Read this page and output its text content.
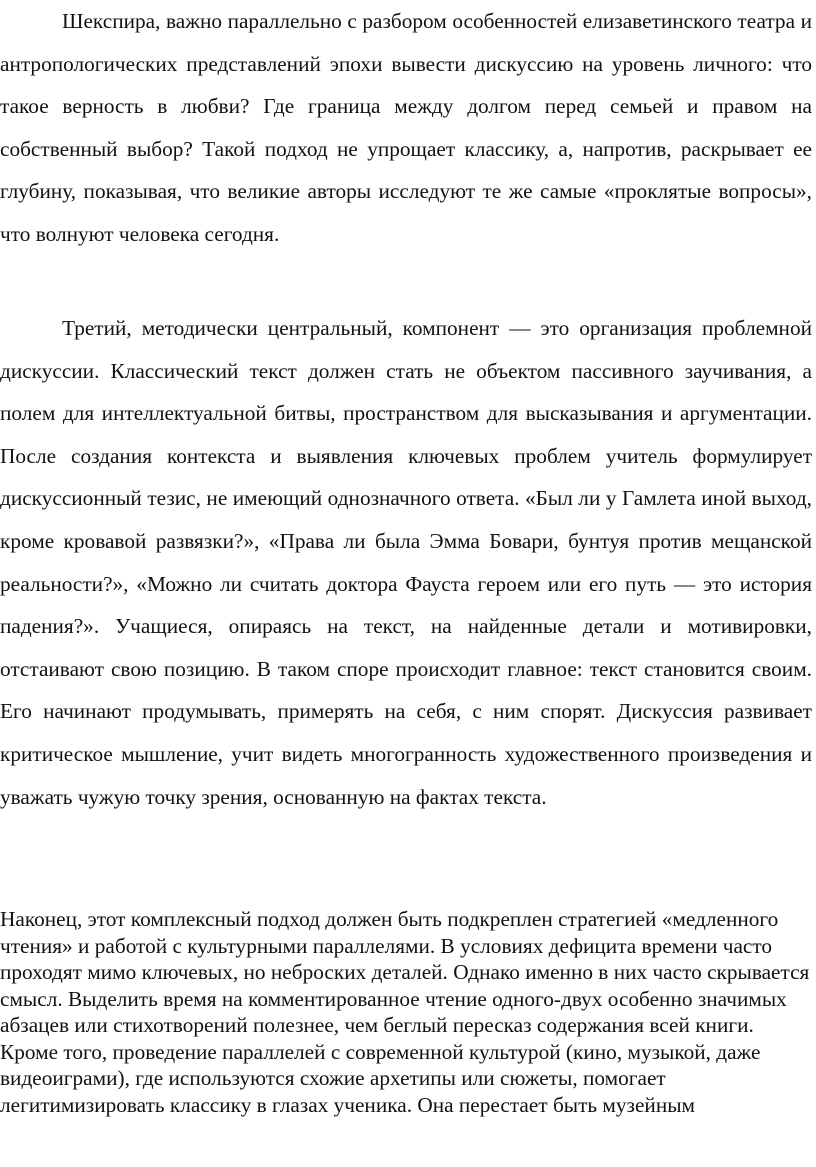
Шекспира, важно параллельно с разбором особенностей елизаветинского театра и антропологических представлений эпохи вывести дискуссию на уровень личного: что такое верность в любви? Где граница между долгом перед семьей и правом на собственный выбор? Такой подход не упрощает классику, а, напротив, раскрывает ее глубину, показывая, что великие авторы исследуют те же самые «проклятые вопросы», что волнуют человека сегодня.

Третий, методически центральный, компонент — это организация проблемной дискуссии. Классический текст должен стать не объектом пассивного заучивания, а полем для интеллектуальной битвы, пространством для высказывания и аргументации. После создания контекста и выявления ключевых проблем учитель формулирует дискуссионный тезис, не имеющий однозначного ответа. «Был ли у Гамлета иной выход, кроме кровавой развязки?», «Права ли была Эмма Бовари, бунтуя против мещанской реальности?», «Можно ли считать доктора Фауста героем или его путь — это история падения?». Учащиеся, опираясь на текст, на найденные детали и мотивировки, отстаивают свою позицию. В таком споре происходит главное: текст становится своим. Его начинают продумывать, примерять на себя, с ним спорят. Дискуссия развивает критическое мышление, учит видеть многогранность художественного произведения и уважать чужую точку зрения, основанную на фактах текста.

Наконец, этот комплексный подход должен быть подкреплен стратегией «медленного чтения» и работой с культурными параллелями. В условиях дефицита времени часто проходят мимо ключевых, но неброских деталей. Однако именно в них часто скрывается смысл. Выделить время на комментированное чтение одного-двух особенно значимых абзацев или стихотворений полезнее, чем беглый пересказ содержания всей книги. Кроме того, проведение параллелей с современной культурой (кино, музыкой, даже видеоиграми), где используются схожие архетипы или сюжеты, помогает легитимизировать классику в глазах ученика. Она перестает быть музейным
